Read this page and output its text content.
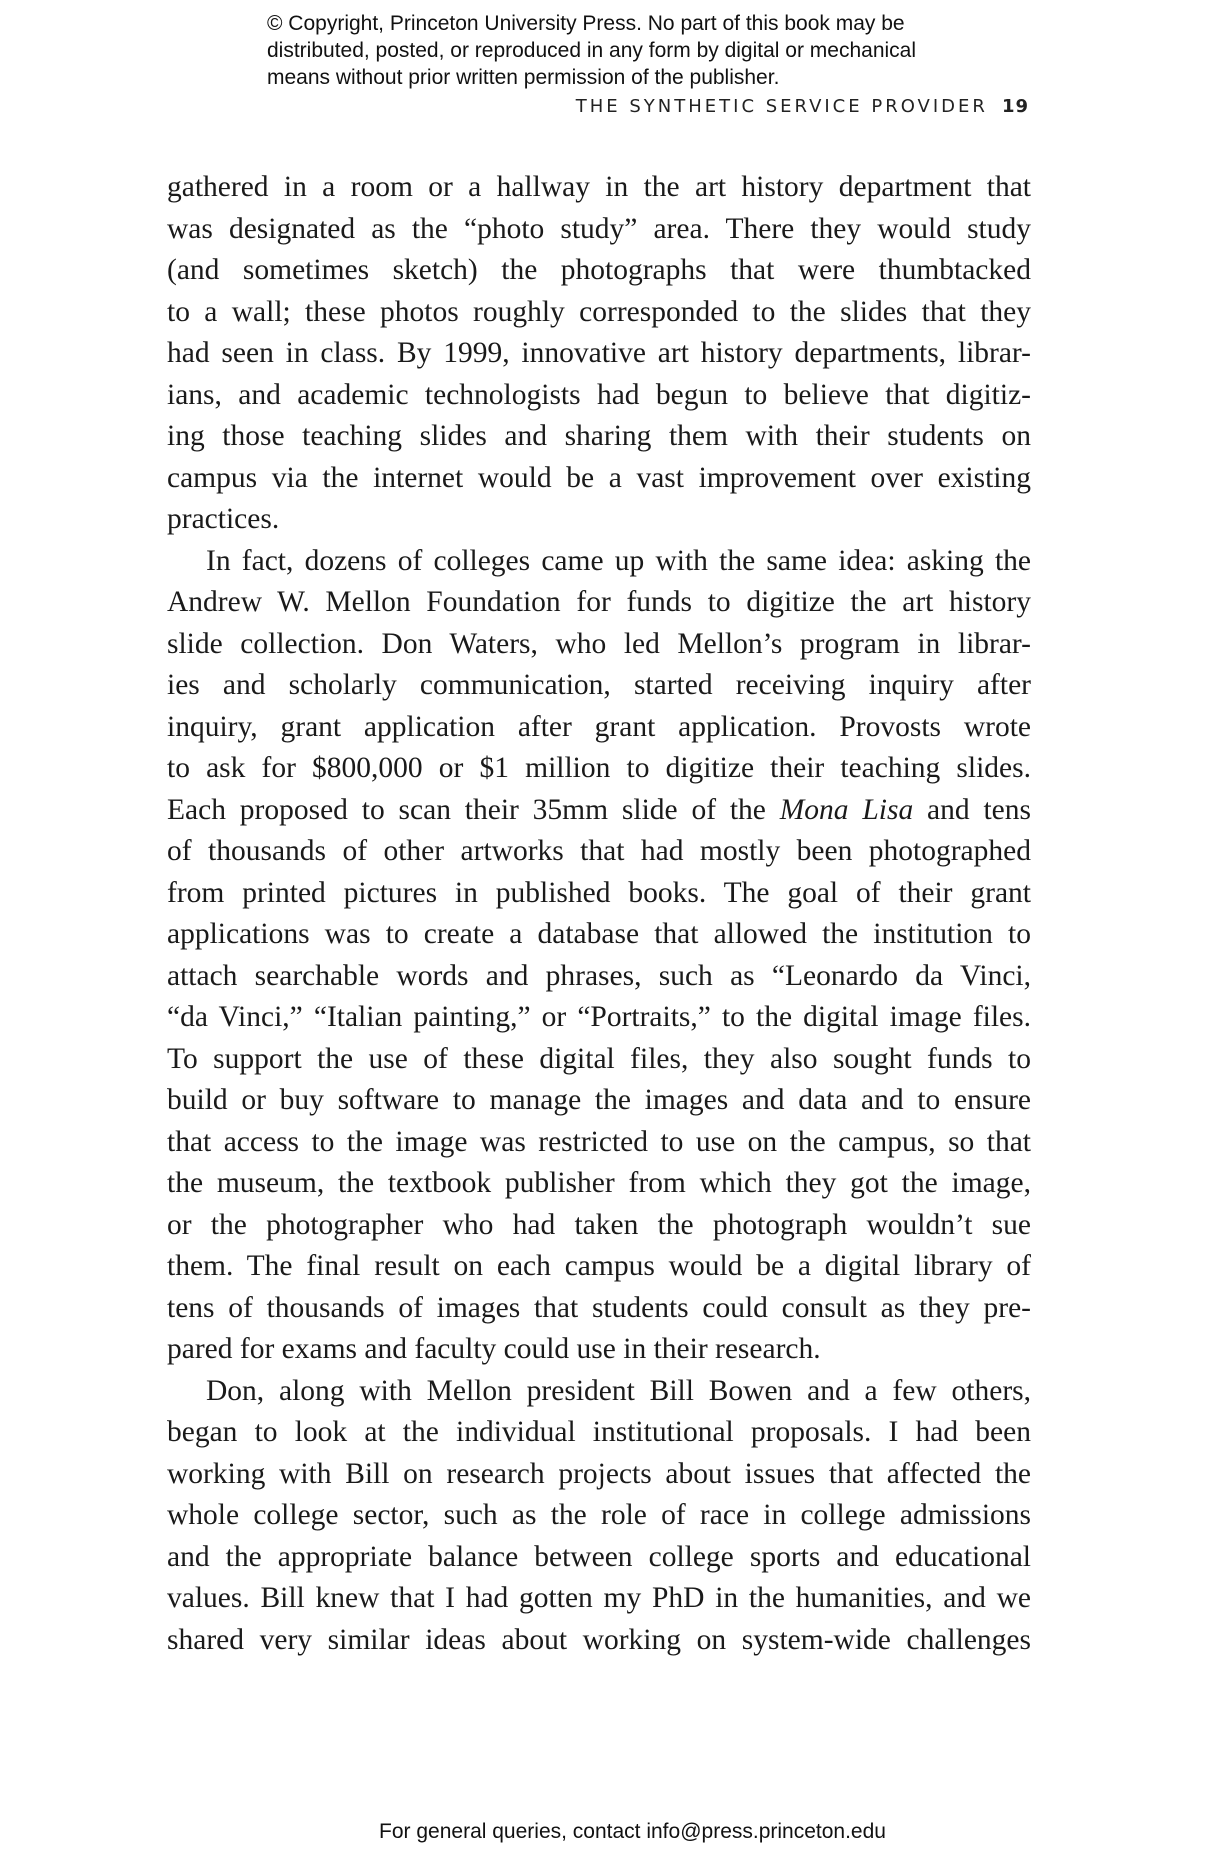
© Copyright, Princeton University Press. No part of this book may be
distributed, posted, or reproduced in any form by digital or mechanical
means without prior written permission of the publisher.
THE SYNTHETIC SERVICE PROVIDER 19
gathered in a room or a hallway in the art history department that
was designated as the “photo study” area. There they would study
(and sometimes sketch) the photographs that were thumbtacked
to a wall; these photos roughly corresponded to the slides that they
had seen in class. By 1999, innovative art history departments, librar-
ians, and academic technologists had begun to believe that digitiz-
ing those teaching slides and sharing them with their students on
campus via the internet would be a vast improvement over existing
practices.
In fact, dozens of colleges came up with the same idea: asking the
Andrew W. Mellon Foundation for funds to digitize the art history
slide collection. Don Waters, who led Mellon’s program in librar-
ies and scholarly communication, started receiving inquiry after
inquiry, grant application after grant application. Provosts wrote
to ask for $800,000 or $1 million to digitize their teaching slides.
Each proposed to scan their 35mm slide of the Mona Lisa and tens
of thousands of other artworks that had mostly been photographed
from printed pictures in published books. The goal of their grant
applications was to create a database that allowed the institution to
attach searchable words and phrases, such as “Leonardo da Vinci,
“da Vinci,” “Italian painting,” or “Portraits,” to the digital image files.
To support the use of these digital files, they also sought funds to
build or buy software to manage the images and data and to ensure
that access to the image was restricted to use on the campus, so that
the museum, the textbook publisher from which they got the image,
or the photographer who had taken the photograph wouldn’t sue
them. The final result on each campus would be a digital library of
tens of thousands of images that students could consult as they pre-
pared for exams and faculty could use in their research.
Don, along with Mellon president Bill Bowen and a few others,
began to look at the individual institutional proposals. I had been
working with Bill on research projects about issues that affected the
whole college sector, such as the role of race in college admissions
and the appropriate balance between college sports and educational
values. Bill knew that I had gotten my PhD in the humanities, and we
shared very similar ideas about working on system-wide challenges
For general queries, contact info@press.princeton.edu
